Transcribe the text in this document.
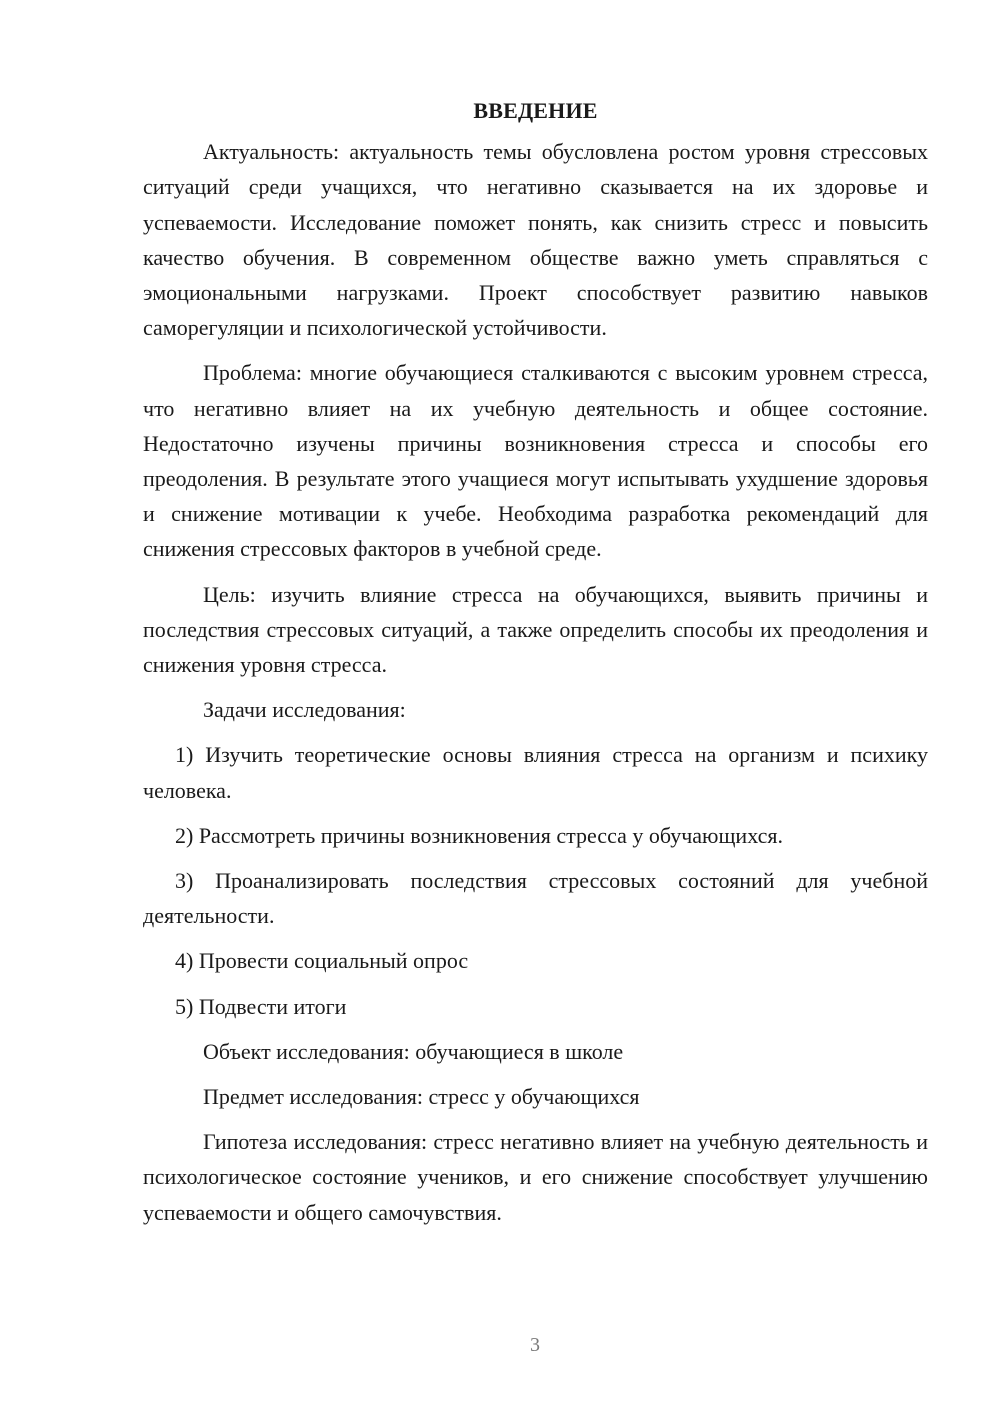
ВВЕДЕНИЕ

Актуальность: актуальность темы обусловлена ростом уровня стрессовых ситуаций среди учащихся, что негативно сказывается на их здоровье и успеваемости. Исследование поможет понять, как снизить стресс и повысить качество обучения. В современном обществе важно уметь справляться с эмоциональными нагрузками. Проект способствует развитию навыков саморегуляции и психологической устойчивости.

Проблема: многие обучающиеся сталкиваются с высоким уровнем стресса, что негативно влияет на их учебную деятельность и общее состояние. Недостаточно изучены причины возникновения стресса и способы его преодоления. В результате этого учащиеся могут испытывать ухудшение здоровья и снижение мотивации к учебе. Необходима разработка рекомендаций для снижения стрессовых факторов в учебной среде.

Цель: изучить влияние стресса на обучающихся, выявить причины и последствия стрессовых ситуаций, а также определить способы их преодоления и снижения уровня стресса.

Задачи исследования:

1) Изучить теоретические основы влияния стресса на организм и психику человека.

2) Рассмотреть причины возникновения стресса у обучающихся.

3) Проанализировать последствия стрессовых состояний для учебной деятельности.

4) Провести социальный опрос

5) Подвести итоги

Объект исследования: обучающиеся в школе

Предмет исследования: стресс у обучающихся

Гипотеза исследования: стресс негативно влияет на учебную деятельность и психологическое состояние учеников, и его снижение способствует улучшению успеваемости и общего самочувствия.

3
